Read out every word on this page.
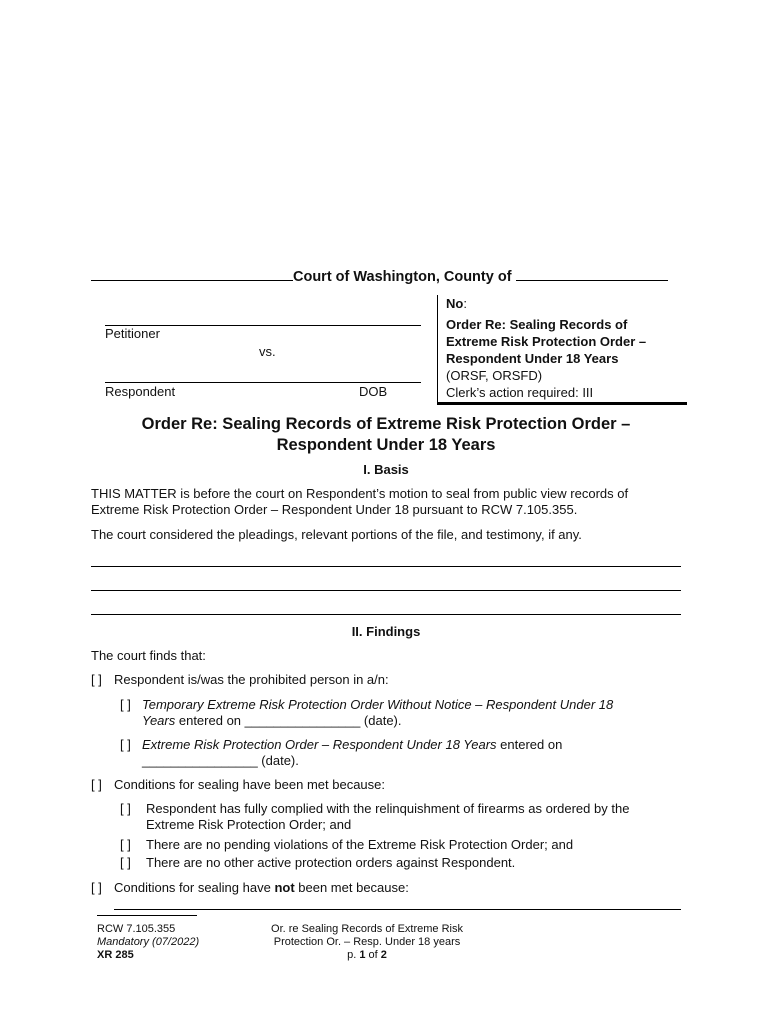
Court of Washington, County of
Petitioner
vs.
Respondent	DOB
No:
Order Re: Sealing Records of
Extreme Risk Protection Order –
Respondent Under 18 Years
(ORSF, ORSFD)
Clerk’s action required: III
Order Re: Sealing Records of Extreme Risk Protection Order –
Respondent Under 18 Years
I. Basis
THIS MATTER is before the court on Respondent’s motion to seal from public view records of Extreme Risk Protection Order – Respondent Under 18 pursuant to RCW 7.105.355.
The court considered the pleadings, relevant portions of the file, and testimony, if any.
II. Findings
The court finds that:
[ ] Respondent is/was the prohibited person in a/n:
[ ] Temporary Extreme Risk Protection Order Without Notice – Respondent Under 18
Years entered on ________________ (date).
[ ] Extreme Risk Protection Order – Respondent Under 18 Years entered on
________________ (date).
[ ] Conditions for sealing have been met because:
[ ] Respondent has fully complied with the relinquishment of firearms as ordered by the
Extreme Risk Protection Order; and
[ ] There are no pending violations of the Extreme Risk Protection Order; and
[ ] There are no other active protection orders against Respondent.
[ ] Conditions for sealing have not been met because:
RCW 7.105.355
Mandatory (07/2022)
XR 285
Or. re Sealing Records of Extreme Risk
Protection Or. – Resp. Under 18 years
p. 1 of 2
